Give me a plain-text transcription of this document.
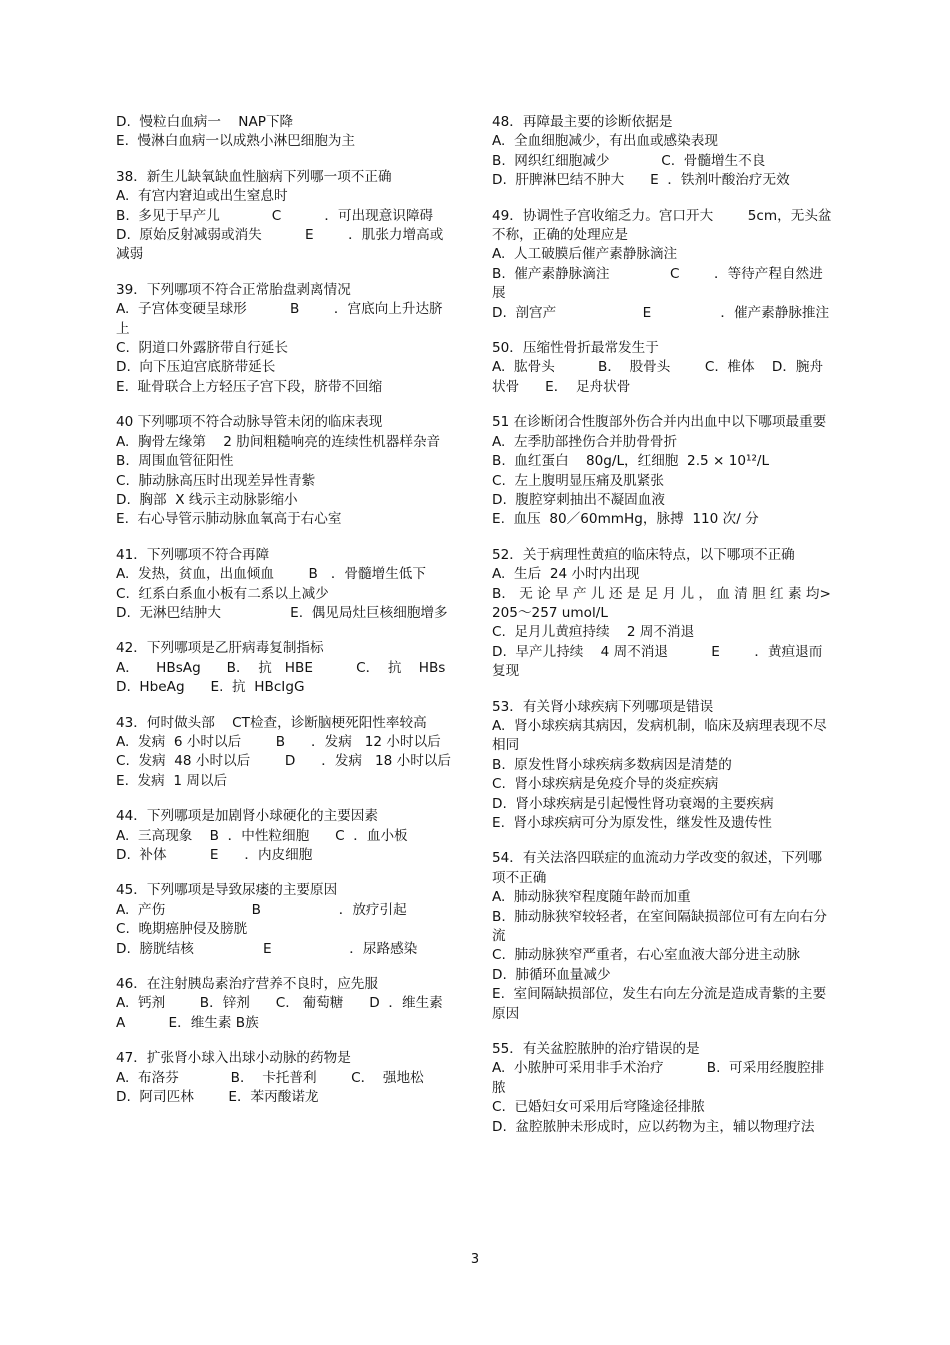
D.  慢粒白血病一    NAP下降
E.  慢淋白血病一以成熟小淋巴细胞为主
38．新生儿缺氧缺血性脑病下列哪一项不正确
A.  有宫内窘迫或出生窒息时
B.  多见于早产儿            C          ．可出现意识障碍
D.  原始反射减弱或消失          E        ．肌张力增高或减弱
39．下列哪项不符合正常胎盘剥离情况
A.  子宫体变硬呈球形          B        ．宫底向上升达脐上
C.  阴道口外露脐带自行延长
D.  向下压迫宫底脐带延长
E.  耻骨联合上方轻压子宫下段，脐带不回缩
40 下列哪项不符合动脉导管未闭的临床表现
A.  胸骨左缘第    2 肋间粗糙响亮的连续性机器样杂音
B.  周围血管征阳性
C.  肺动脉高压时出现差异性青紫
D.  胸部  X 线示主动脉影缩小
E.  右心导管示肺动脉血氧高于右心室
41．下列哪项不符合再障
A.  发热，贫血，出血倾血        B   ．骨髓增生低下
C.  红系白系血小板有二系以上减少
D.  无淋巴结肿大                E.  偶见局灶巨核细胞增多
42．下列哪项是乙肝病毒复制指标
A．    HBsAg      B．  抗   HBE          C．  抗    HBs
D.  HbeAg      E.  抗  HBcIgG
43．何时做头部    CT检查，诊断脑梗死阳性率较高
A.  发病  6 小时以后        B      ．发病   12 小时以后
C.  发病  48 小时以后        D      ．发病   18 小时以后
E.  发病  1 周以后
44．下列哪项是加剧肾小球硬化的主要因素
A.  三高现象    B  ．中性粒细胞      C  ．血小板
D.  补体          E      ．内皮细胞
45．下列哪项是导致尿瘘的主要原因
A.  产伤                    B                  ．放疗引起
C.  晚期癌肿侵及膀胱
D.  膀胱结核                E                  ．尿路感染
46．在注射胰岛素治疗营养不良时，应先服
A.  钙剂        B．锌剂      C.   葡萄糖      D  ．维生素 A          E．维生素 B族
47．扩张肾小球入出球小动脉的药物是
A.  布洛芬            B．  卡托普利        C．  强地松
D.  阿司匹林        E．苯丙酸诺龙
48．再障最主要的诊断依据是
A.  全血细胞减少，有出血或感染表现
B.  网织红细胞减少            C.  骨髓增生不良
D.  肝脾淋巴结不肿大      E  ．铁剂叶酸治疗无效
49．协调性子宫收缩乏力。宫口开大        5cm，无头盆不称，正确的处理应是
A.  人工破膜后催产素静脉滴注
B.  催产素静脉滴注              C        ．等待产程自然进展
D.  剖宫产                    E                ．催产素静脉推注
50．压缩性骨折最常发生于
A.  肱骨头          B．  股骨头        C.  椎体    D．腕舟状骨      E．  足舟状骨
51 在诊断闭合性腹部外伤合并内出血中以下哪项最重要
A.  左季肋部挫伤合并肋骨骨折
B.  血红蛋白    80g/L，红细胞  2.5 × 10¹²/L
C.  左上腹明显压痛及肌紧张
D.  腹腔穿刺抽出不凝固血液
E.  血压  80／60mmHg，脉搏  110 次/ 分
52．关于病理性黄疸的临床特点，以下哪项不正确
A.  生后  24 小时内出现
B． 无 论 早 产 儿 还 是 足 月 儿 ， 血 清 胆 红 素 均>205～257 umol/L
C.  足月儿黄疸持续    2 周不消退
D.  早产儿持续    4 周不消退          E        ．黄疸退而复现
53．有关肾小球疾病下列哪项是错误
A.  肾小球疾病其病因，发病机制，临床及病理表现不尽相同
B.  原发性肾小球疾病多数病因是清楚的
C.  肾小球疾病是免疫介导的炎症疾病
D.  肾小球疾病是引起慢性肾功衰竭的主要疾病
E.  肾小球疾病可分为原发性，继发性及遗传性
54．有关法洛四联症的血流动力学改变的叙述，下列哪项不正确
A.  肺动脉狭窄程度随年龄而加重
B.  肺动脉狭窄较轻者，在室间隔缺损部位可有左向右分流
C.  肺动脉狭窄严重者，右心室血液大部分进主动脉
D.  肺循环血量减少
E.  室间隔缺损部位，发生右向左分流是造成青紫的主要原因
55．有关盆腔脓肿的治疗错误的是
A.  小脓肿可采用非手术治疗          B.  可采用经腹腔排脓
C.  已婚妇女可采用后穹隆途径排脓
D.  盆腔脓肿未形成时，应以药物为主，辅以物理疗法
3
